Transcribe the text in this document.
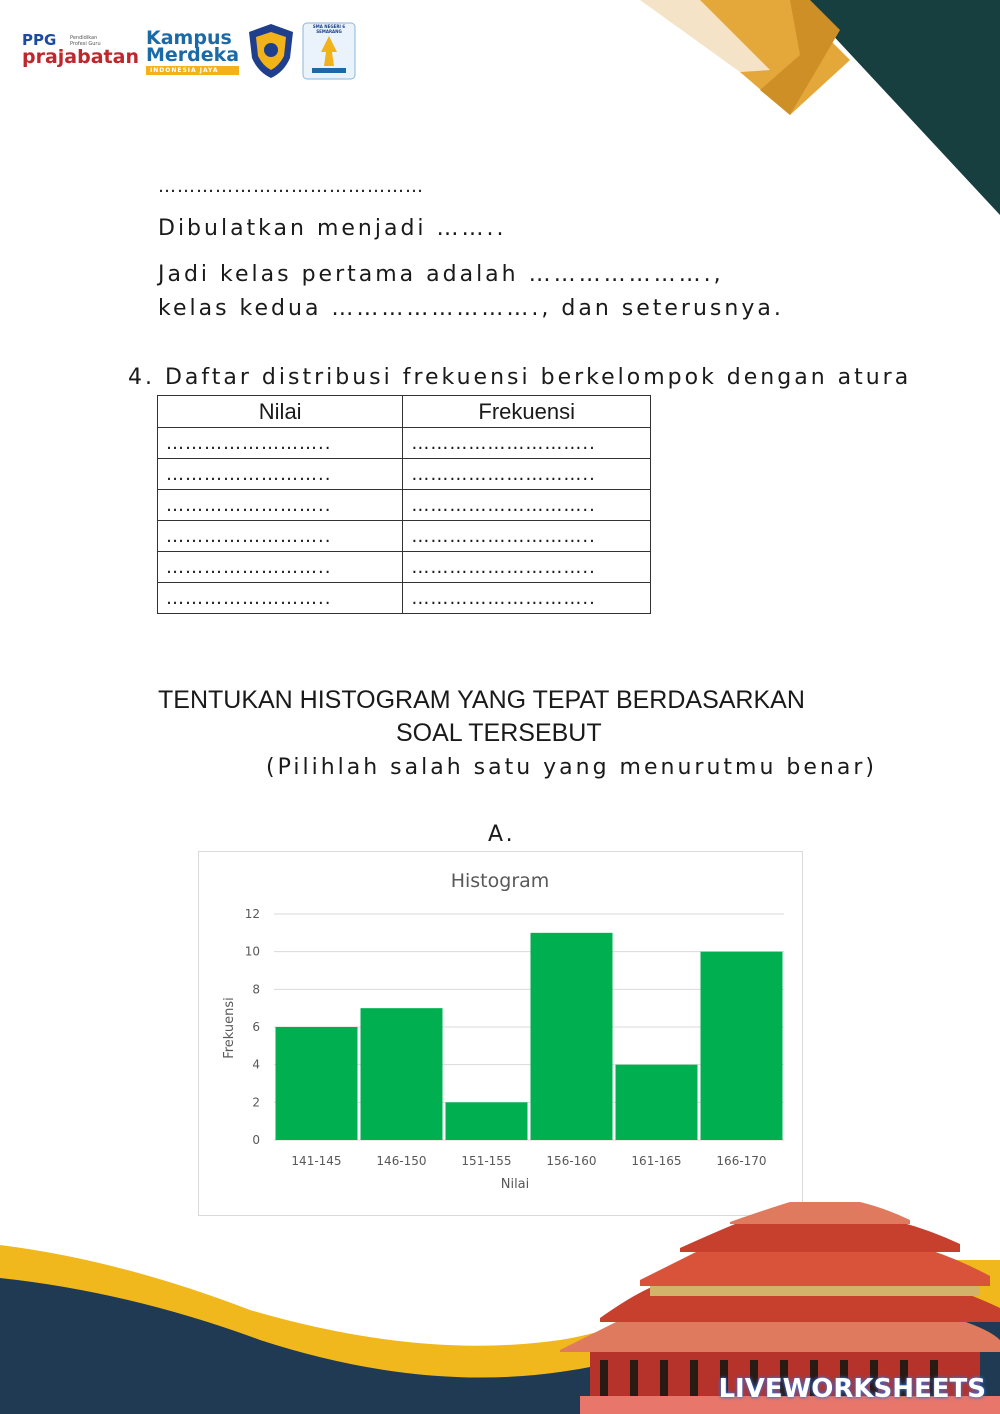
PPG	Pendidikan Profesi Guru
prajabatan
Kampus
Merdeka
INDONESIA JAYA
SMA NEGERI 6 SEMARANG
……………………………………
Dibulatkan menjadi ……..
Jadi kelas pertama adalah ………………….,
kelas kedua ……………………., dan seterusnya.
4. Daftar distribusi frekuensi berkelompok dengan atura
Nilai	Frekuensi
……………………..	………………………..
……………………..	………………………..
……………………..	………………………..
……………………..	………………………..
……………………..	………………………..
……………………..	………………………..
TENTUKAN HISTOGRAM YANG TEPAT BERDASARKAN
SOAL TERSEBUT
(Pilihlah salah satu yang menurutmu benar)
A.
Histogram
0
2
4
6
8
10
12
141-145	146-150	151-155	156-160	161-165	166-170
Nilai
Frekuensi
LIVEWORKSHEETS
